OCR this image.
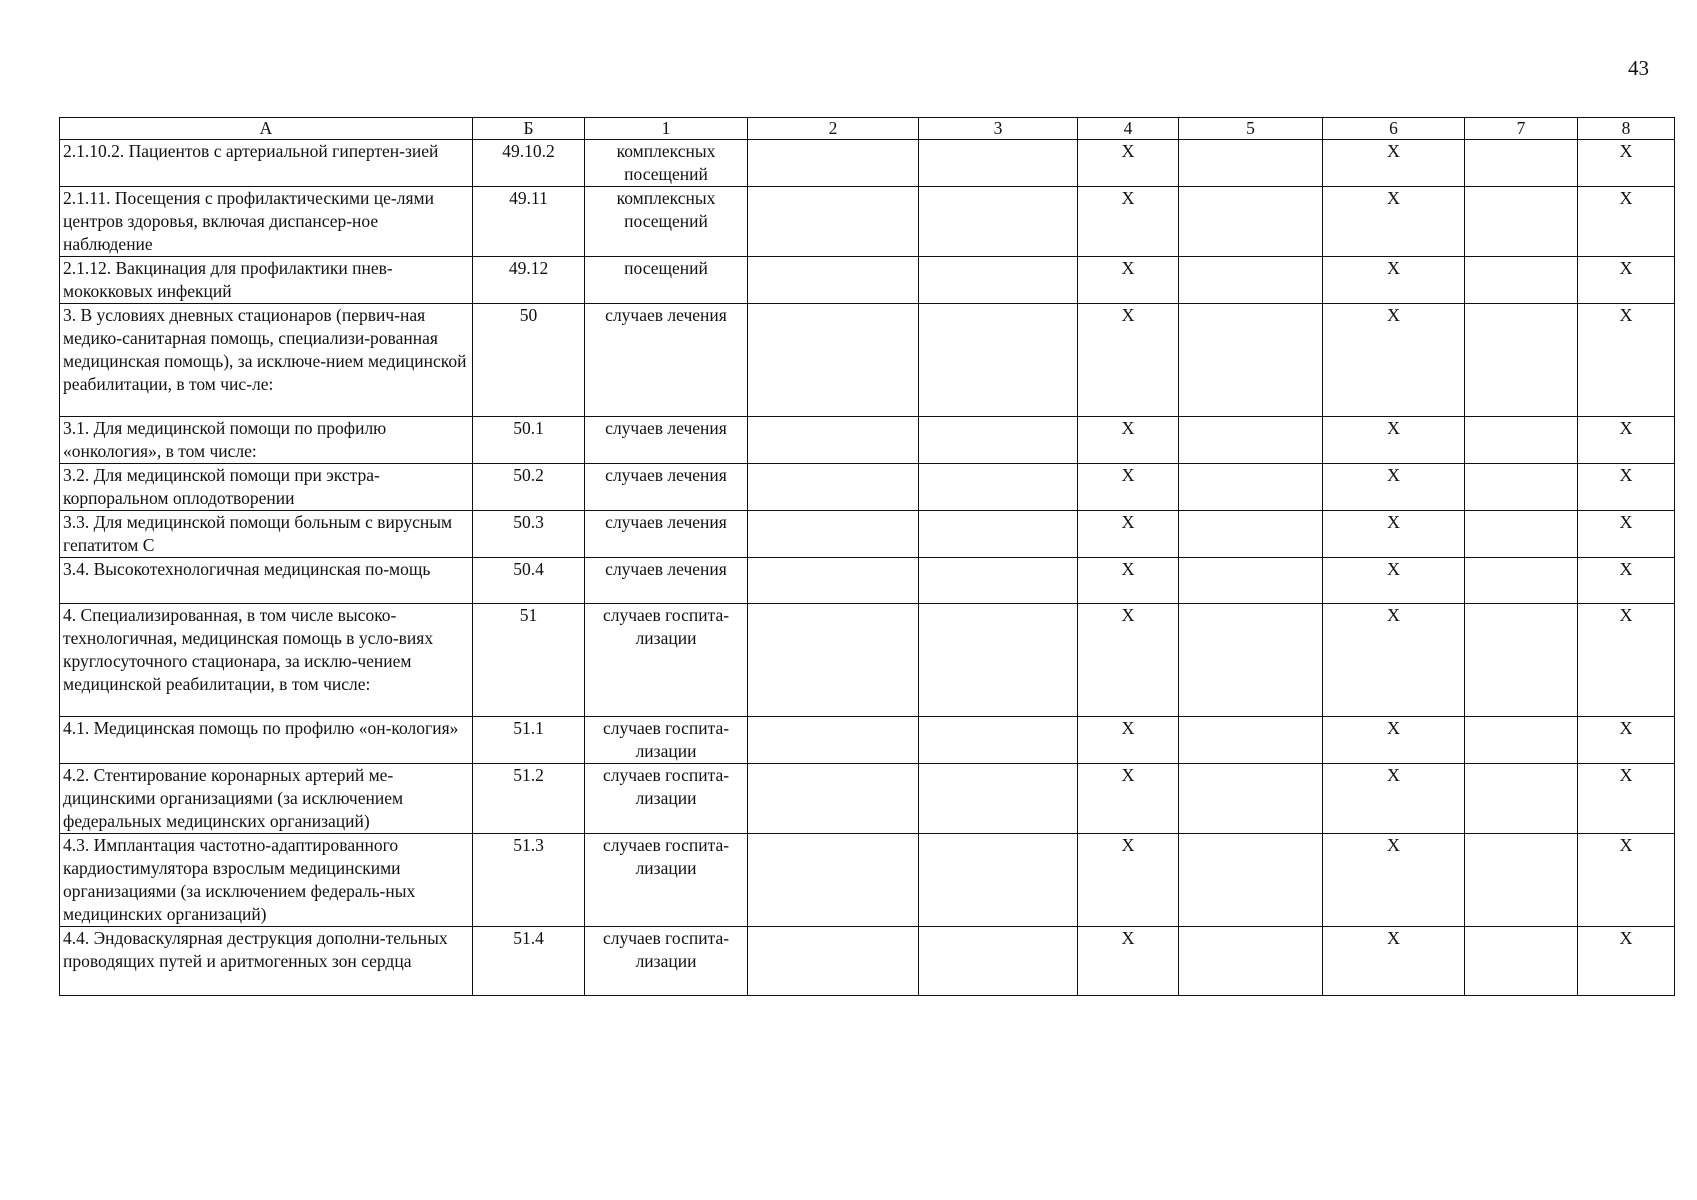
43
А	Б	1	2	3	4	5	6	7	8
2.1.10.2. Пациентов с артериальной гипертен-зией	49.10.2	комплексных посещений			X		X		X
2.1.11. Посещения с профилактическими це-лями центров здоровья, включая диспансер-ное наблюдение	49.11	комплексных посещений			X		X		X
2.1.12. Вакцинация для профилактики пнев-мококковых инфекций	49.12	посещений			X		X		X
3. В условиях дневных стационаров (первич-ная медико-санитарная помощь, специализи-рованная медицинская помощь), за исключе-нием медицинской реабилитации, в том чис-ле:	50	случаев лечения			X		X		X
3.1. Для медицинской помощи по профилю «онкология», в том числе:	50.1	случаев лечения			X		X		X
3.2. Для медицинской помощи при экстра-корпоральном оплодотворении	50.2	случаев лечения			X		X		X
3.3. Для медицинской помощи больным с вирусным гепатитом С	50.3	случаев лечения			X		X		X
3.4. Высокотехнологичная медицинская по-мощь	50.4	случаев лечения			X		X		X
4. Специализированная, в том числе высоко-технологичная, медицинская помощь в усло-виях круглосуточного стационара, за исклю-чением медицинской реабилитации, в том числе:	51	случаев госпита-лизации			X		X		X
4.1. Медицинская помощь по профилю «он-кология»	51.1	случаев госпита-лизации			X		X		X
4.2. Стентирование коронарных артерий ме-дицинскими организациями (за исключением федеральных медицинских организаций)	51.2	случаев госпита-лизации			X		X		X
4.3. Имплантация частотно-адаптированного кардиостимулятора взрослым медицинскими организациями (за исключением федераль-ных медицинских организаций)	51.3	случаев госпита-лизации			X		X		X
4.4. Эндоваскулярная деструкция дополни-тельных проводящих путей и аритмогенных зон сердца	51.4	случаев госпита-лизации			X		X		X
